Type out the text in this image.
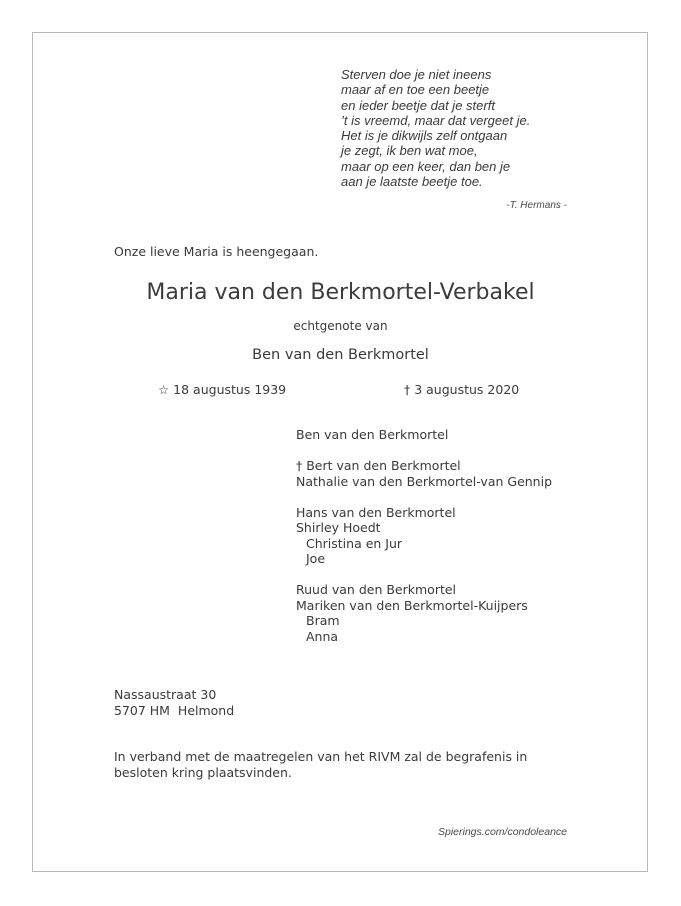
Sterven doe je niet ineens
maar af en toe een beetje
en ieder beetje dat je sterft
’t is vreemd, maar dat vergeet je.
Het is je dikwijls zelf ontgaan
je zegt, ik ben wat moe,
maar op een keer, dan ben je
aan je laatste beetje toe.
-T. Hermans -
Onze lieve Maria is heengegaan.
Maria van den Berkmortel-Verbakel
echtgenote van
Ben van den Berkmortel
☆ 18 augustus 1939	† 3 augustus 2020
Ben van den Berkmortel
† Bert van den Berkmortel
Nathalie van den Berkmortel-van Gennip
Hans van den Berkmortel
Shirley Hoedt
Christina en Jur
Joe
Ruud van den Berkmortel
Mariken van den Berkmortel-Kuijpers
Bram
Anna
Nassaustraat 30
5707 HM  Helmond
In verband met de maatregelen van het RIVM zal de begrafenis in
besloten kring plaatsvinden.
Spierings.com/condoleance
